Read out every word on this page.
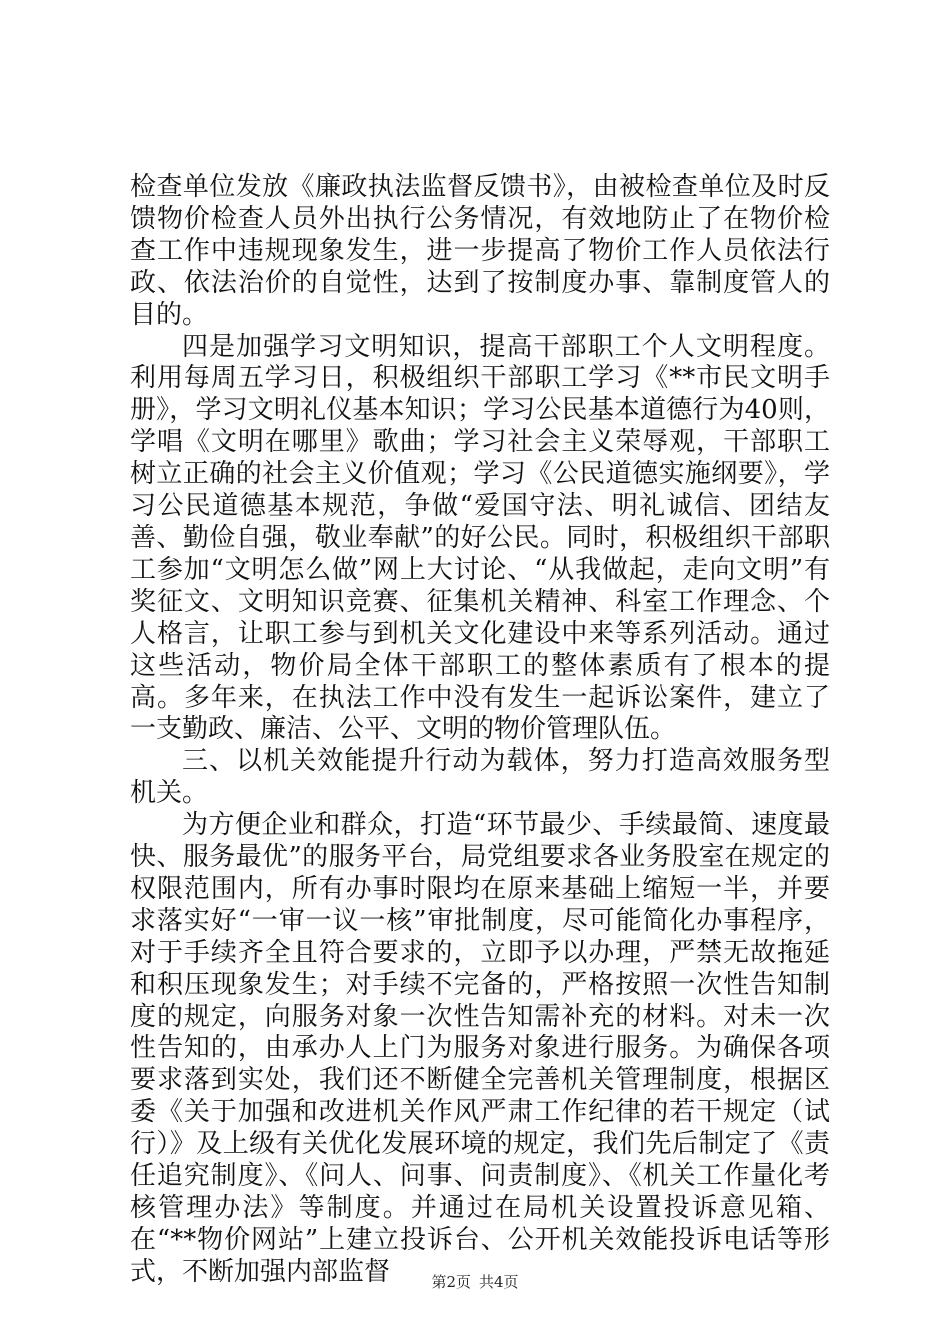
检查单位发放《廉政执法监督反馈书》，由被检查单位及时反馈物价检查人员外出执行公务情况，有效地防止了在物价检查工作中违规现象发生，进一步提高了物价工作人员依法行政、依法治价的自觉性，达到了按制度办事、靠制度管人的目的。

四是加强学习文明知识，提高干部职工个人文明程度。利用每周五学习日，积极组织干部职工学习《**市民文明手册》，学习文明礼仪基本知识；学习公民基本道德行为40则，学唱《文明在哪里》歌曲；学习社会主义荣辱观，干部职工树立正确的社会主义价值观；学习《公民道德实施纲要》，学习公民道德基本规范，争做“爱国守法、明礼诚信、团结友善、勤俭自强，敬业奉献”的好公民。同时，积极组织干部职工参加“文明怎么做”网上大讨论、“从我做起，走向文明”有奖征文、文明知识竞赛、征集机关精神、科室工作理念、个人格言，让职工参与到机关文化建设中来等系列活动。通过这些活动，物价局全体干部职工的整体素质有了根本的提高。多年来，在执法工作中没有发生一起诉讼案件，建立了一支勤政、廉洁、公平、文明的物价管理队伍。

三、以机关效能提升行动为载体，努力打造高效服务型机关。

为方便企业和群众，打造“环节最少、手续最简、速度最快、服务最优”的服务平台，局党组要求各业务股室在规定的权限范围内，所有办事时限均在原来基础上缩短一半，并要求落实好“一审一议一核”审批制度，尽可能简化办事程序，对于手续齐全且符合要求的，立即予以办理，严禁无故拖延和积压现象发生；对手续不完备的，严格按照一次性告知制度的规定，向服务对象一次性告知需补充的材料。对未一次性告知的，由承办人上门为服务对象进行服务。为确保各项要求落到实处，我们还不断健全完善机关管理制度，根据区委《关于加强和改进机关作风严肃工作纪律的若干规定（试行）》及上级有关优化发展环境的规定，我们先后制定了《责任追究制度》、《问人、问事、问责制度》、《机关工作量化考核管理办法》等制度。并通过在局机关设置投诉意见箱、在“**物价网站”上建立投诉台、公开机关效能投诉电话等形式，不断加强内部监督	第2页 共4页
